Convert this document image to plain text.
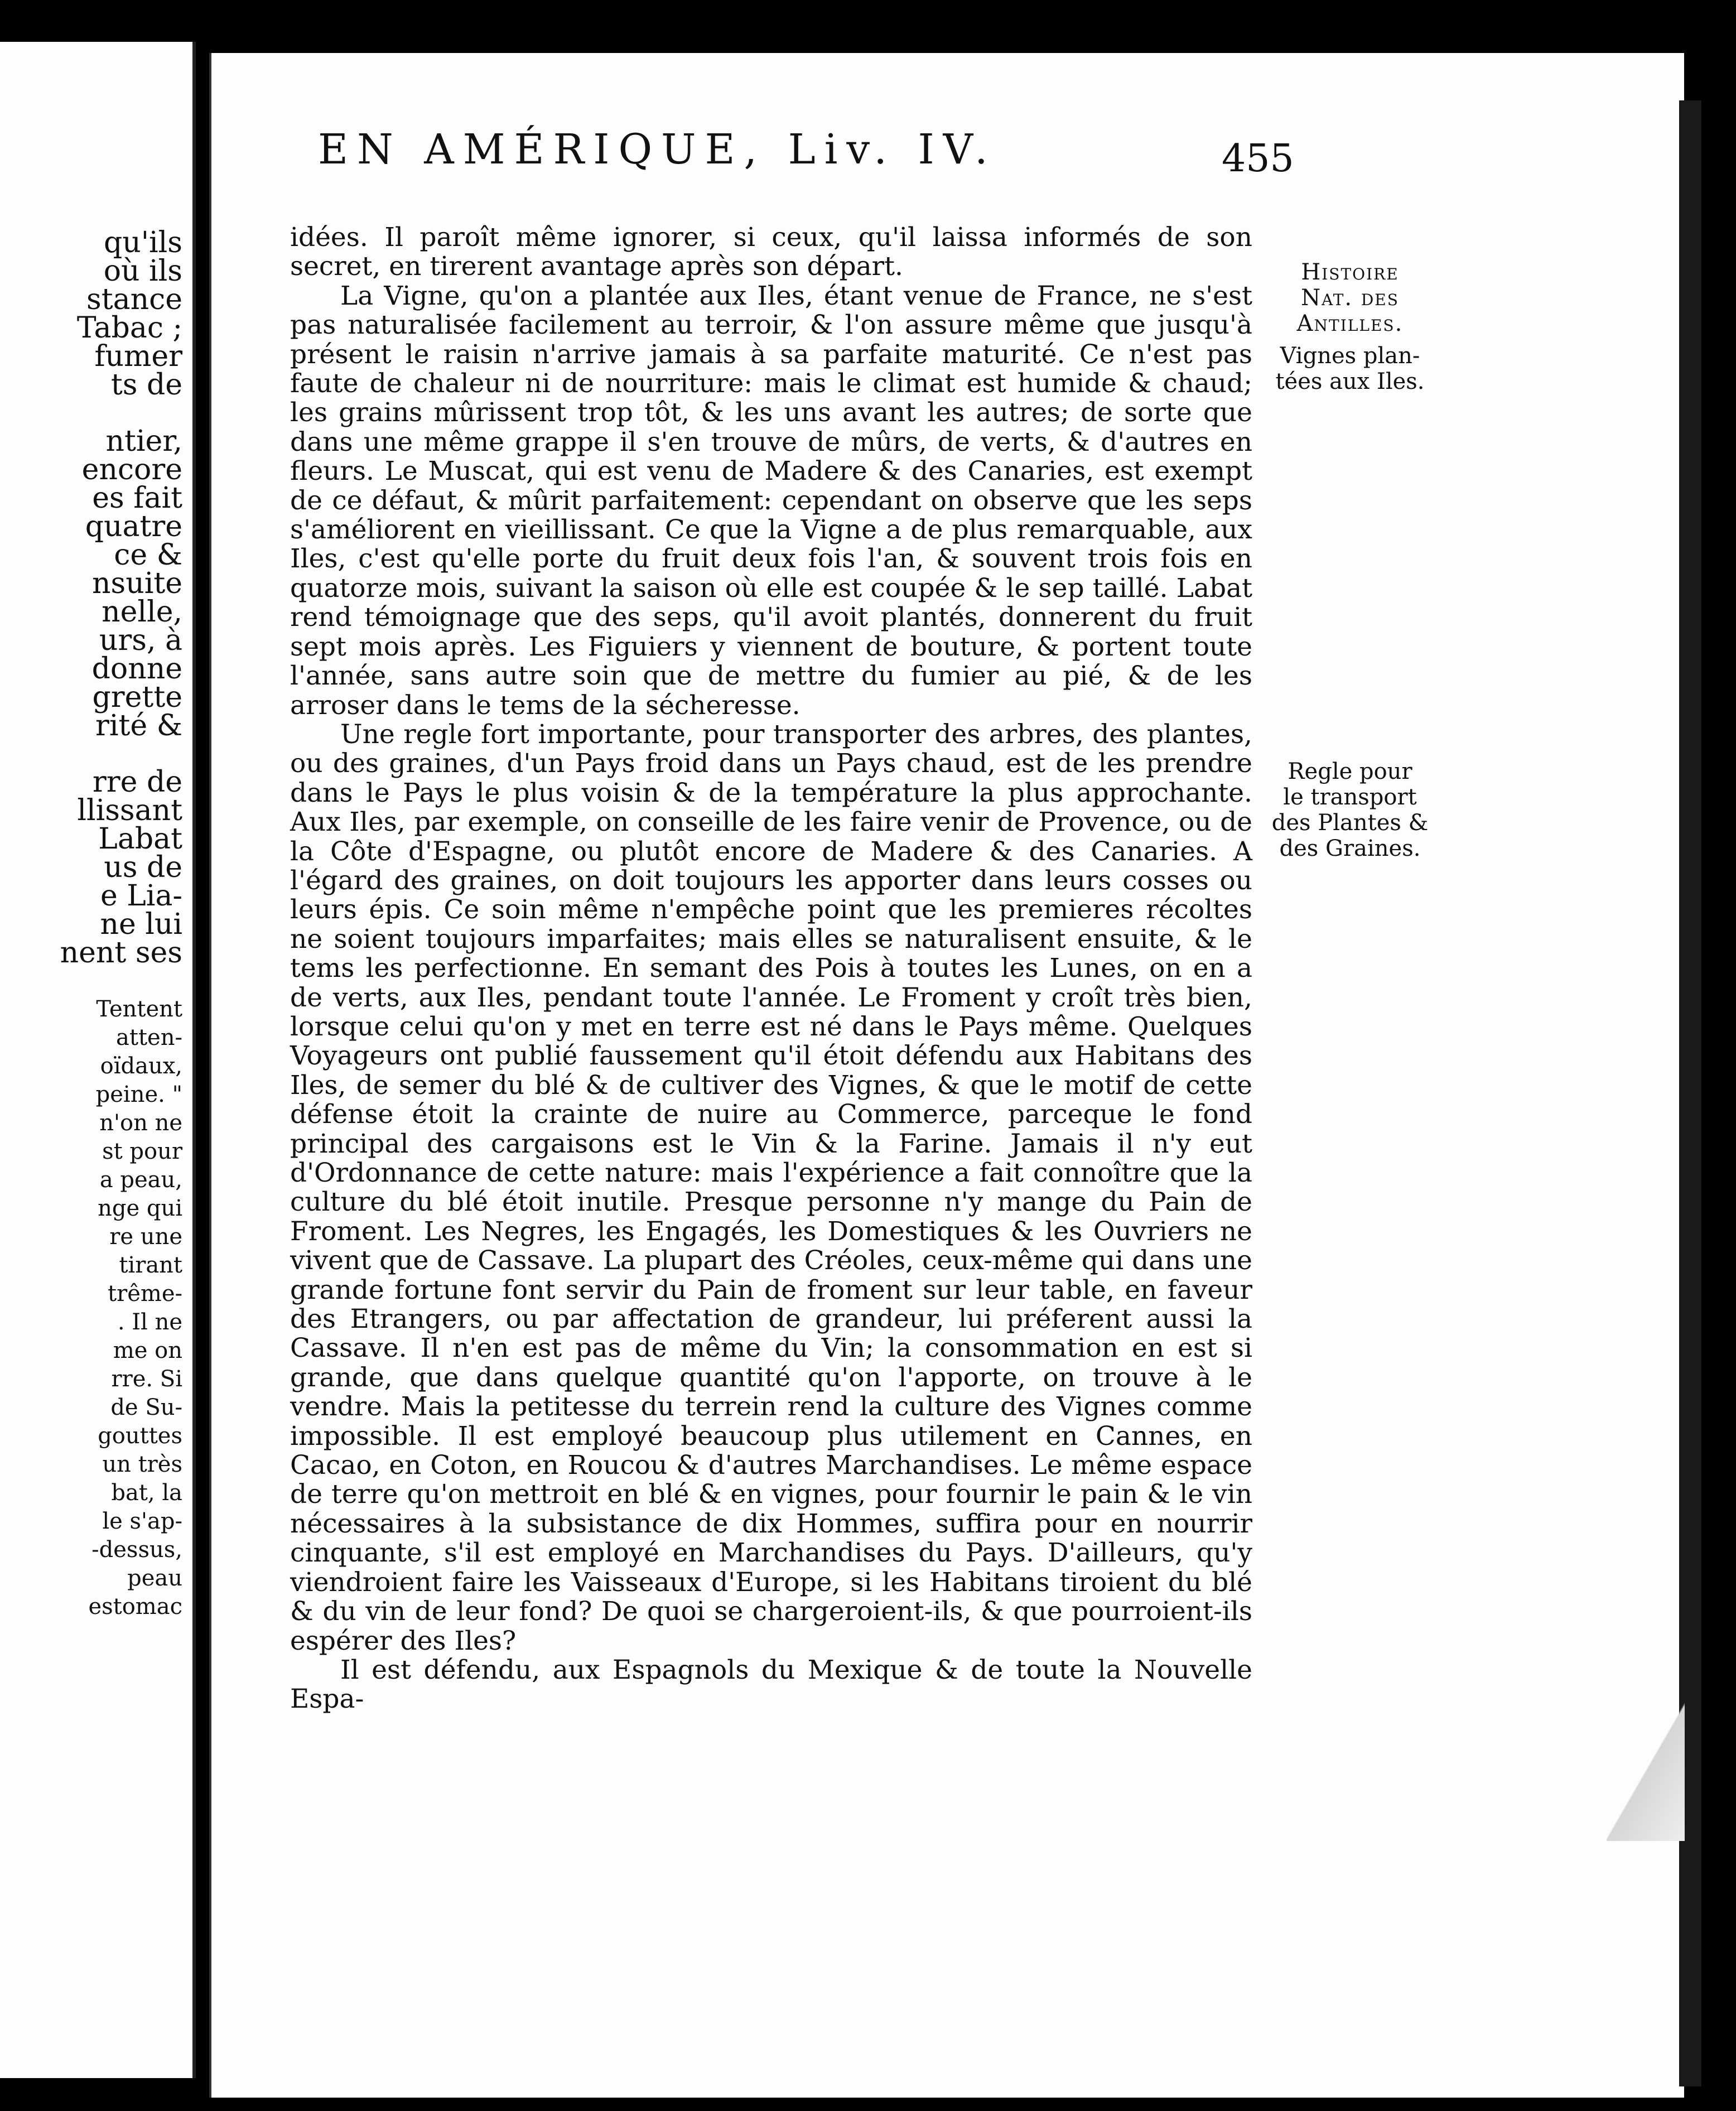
qu'ils
où ils
stance
Tabac ;
fumer
ts de
ntier,
encore
es fait
quatre
ce &
nsuite
nelle,
urs, à
donne
grette
rité &
rre de
llissant
Labat
us de
e Lia-
ne lui
nent ses
Tentent
atten-
oïdaux,
peine. "
n'on ne
st pour
a peau,
nge qui
re une
tirant
trême-
. Il ne
me on
rre. Si
de Su-
gouttes
un très
bat, la
le s'ap-
-dessus,
peau
estomac
EN AMÉRIQUE, Liv. IV.	455
Histoire
Nat. des
Antilles.
Vignes plan-
tées aux Iles.
Regle pour
le transport
des Plantes &
des Graines.

idées. Il paroît même ignorer, si ceux, qu'il laissa informés de son secret, en tirerent avantage après son départ.

La Vigne, qu'on a plantée aux Iles, étant venue de France, ne s'est pas naturalisée facilement au terroir, & l'on assure même que jusqu'à présent le raisin n'arrive jamais à sa parfaite maturité. Ce n'est pas faute de chaleur ni de nourriture: mais le climat est humide & chaud; les grains mûrissent trop tôt, & les uns avant les autres; de sorte que dans une même grappe il s'en trouve de mûrs, de verts, & d'autres en fleurs. Le Muscat, qui est venu de Madere & des Canaries, est exempt de ce défaut, & mûrit parfaitement: cependant on observe que les seps s'améliorent en vieillissant. Ce que la Vigne a de plus remarquable, aux Iles, c'est qu'elle porte du fruit deux fois l'an, & souvent trois fois en quatorze mois, suivant la saison où elle est coupée & le sep taillé. Labat rend témoignage que des seps, qu'il avoit plantés, donnerent du fruit sept mois après. Les Figuiers y viennent de bouture, & portent toute l'année, sans autre soin que de mettre du fumier au pié, & de les arroser dans le tems de la sécheresse.

Une regle fort importante, pour transporter des arbres, des plantes, ou des graines, d'un Pays froid dans un Pays chaud, est de les prendre dans le Pays le plus voisin & de la température la plus approchante. Aux Iles, par exemple, on conseille de les faire venir de Provence, ou de la Côte d'Espagne, ou plutôt encore de Madere & des Canaries. A l'égard des graines, on doit toujours les apporter dans leurs cosses ou leurs épis. Ce soin même n'empêche point que les premieres récoltes ne soient toujours imparfaites; mais elles se naturalisent ensuite, & le tems les perfectionne. En semant des Pois à toutes les Lunes, on en a de verts, aux Iles, pendant toute l'année. Le Froment y croît très bien, lorsque celui qu'on y met en terre est né dans le Pays même. Quelques Voyageurs ont publié faussement qu'il étoit défendu aux Habitans des Iles, de semer du blé & de cultiver des Vignes, & que le motif de cette défense étoit la crainte de nuire au Commerce, parceque le fond principal des cargaisons est le Vin & la Farine. Jamais il n'y eut d'Ordonnance de cette nature: mais l'expérience a fait connoître que la culture du blé étoit inutile. Presque personne n'y mange du Pain de Froment. Les Negres, les Engagés, les Domestiques & les Ouvriers ne vivent que de Cassave. La plupart des Créoles, ceux-même qui dans une grande fortune font servir du Pain de froment sur leur table, en faveur des Etrangers, ou par affectation de grandeur, lui préferent aussi la Cassave. Il n'en est pas de même du Vin; la consommation en est si grande, que dans quelque quantité qu'on l'apporte, on trouve à le vendre. Mais la petitesse du terrein rend la culture des Vignes comme impossible. Il est employé beaucoup plus utilement en Cannes, en Cacao, en Coton, en Roucou & d'autres Marchandises. Le même espace de terre qu'on mettroit en blé & en vignes, pour fournir le pain & le vin nécessaires à la subsistance de dix Hommes, suffira pour en nourrir cinquante, s'il est employé en Marchandises du Pays. D'ailleurs, qu'y viendroient faire les Vaisseaux d'Europe, si les Habitans tiroient du blé & du vin de leur fond? De quoi se chargeroient-ils, & que pourroient-ils espérer des Iles?

Il est défendu, aux Espagnols du Mexique & de toute la Nouvelle Espa-
